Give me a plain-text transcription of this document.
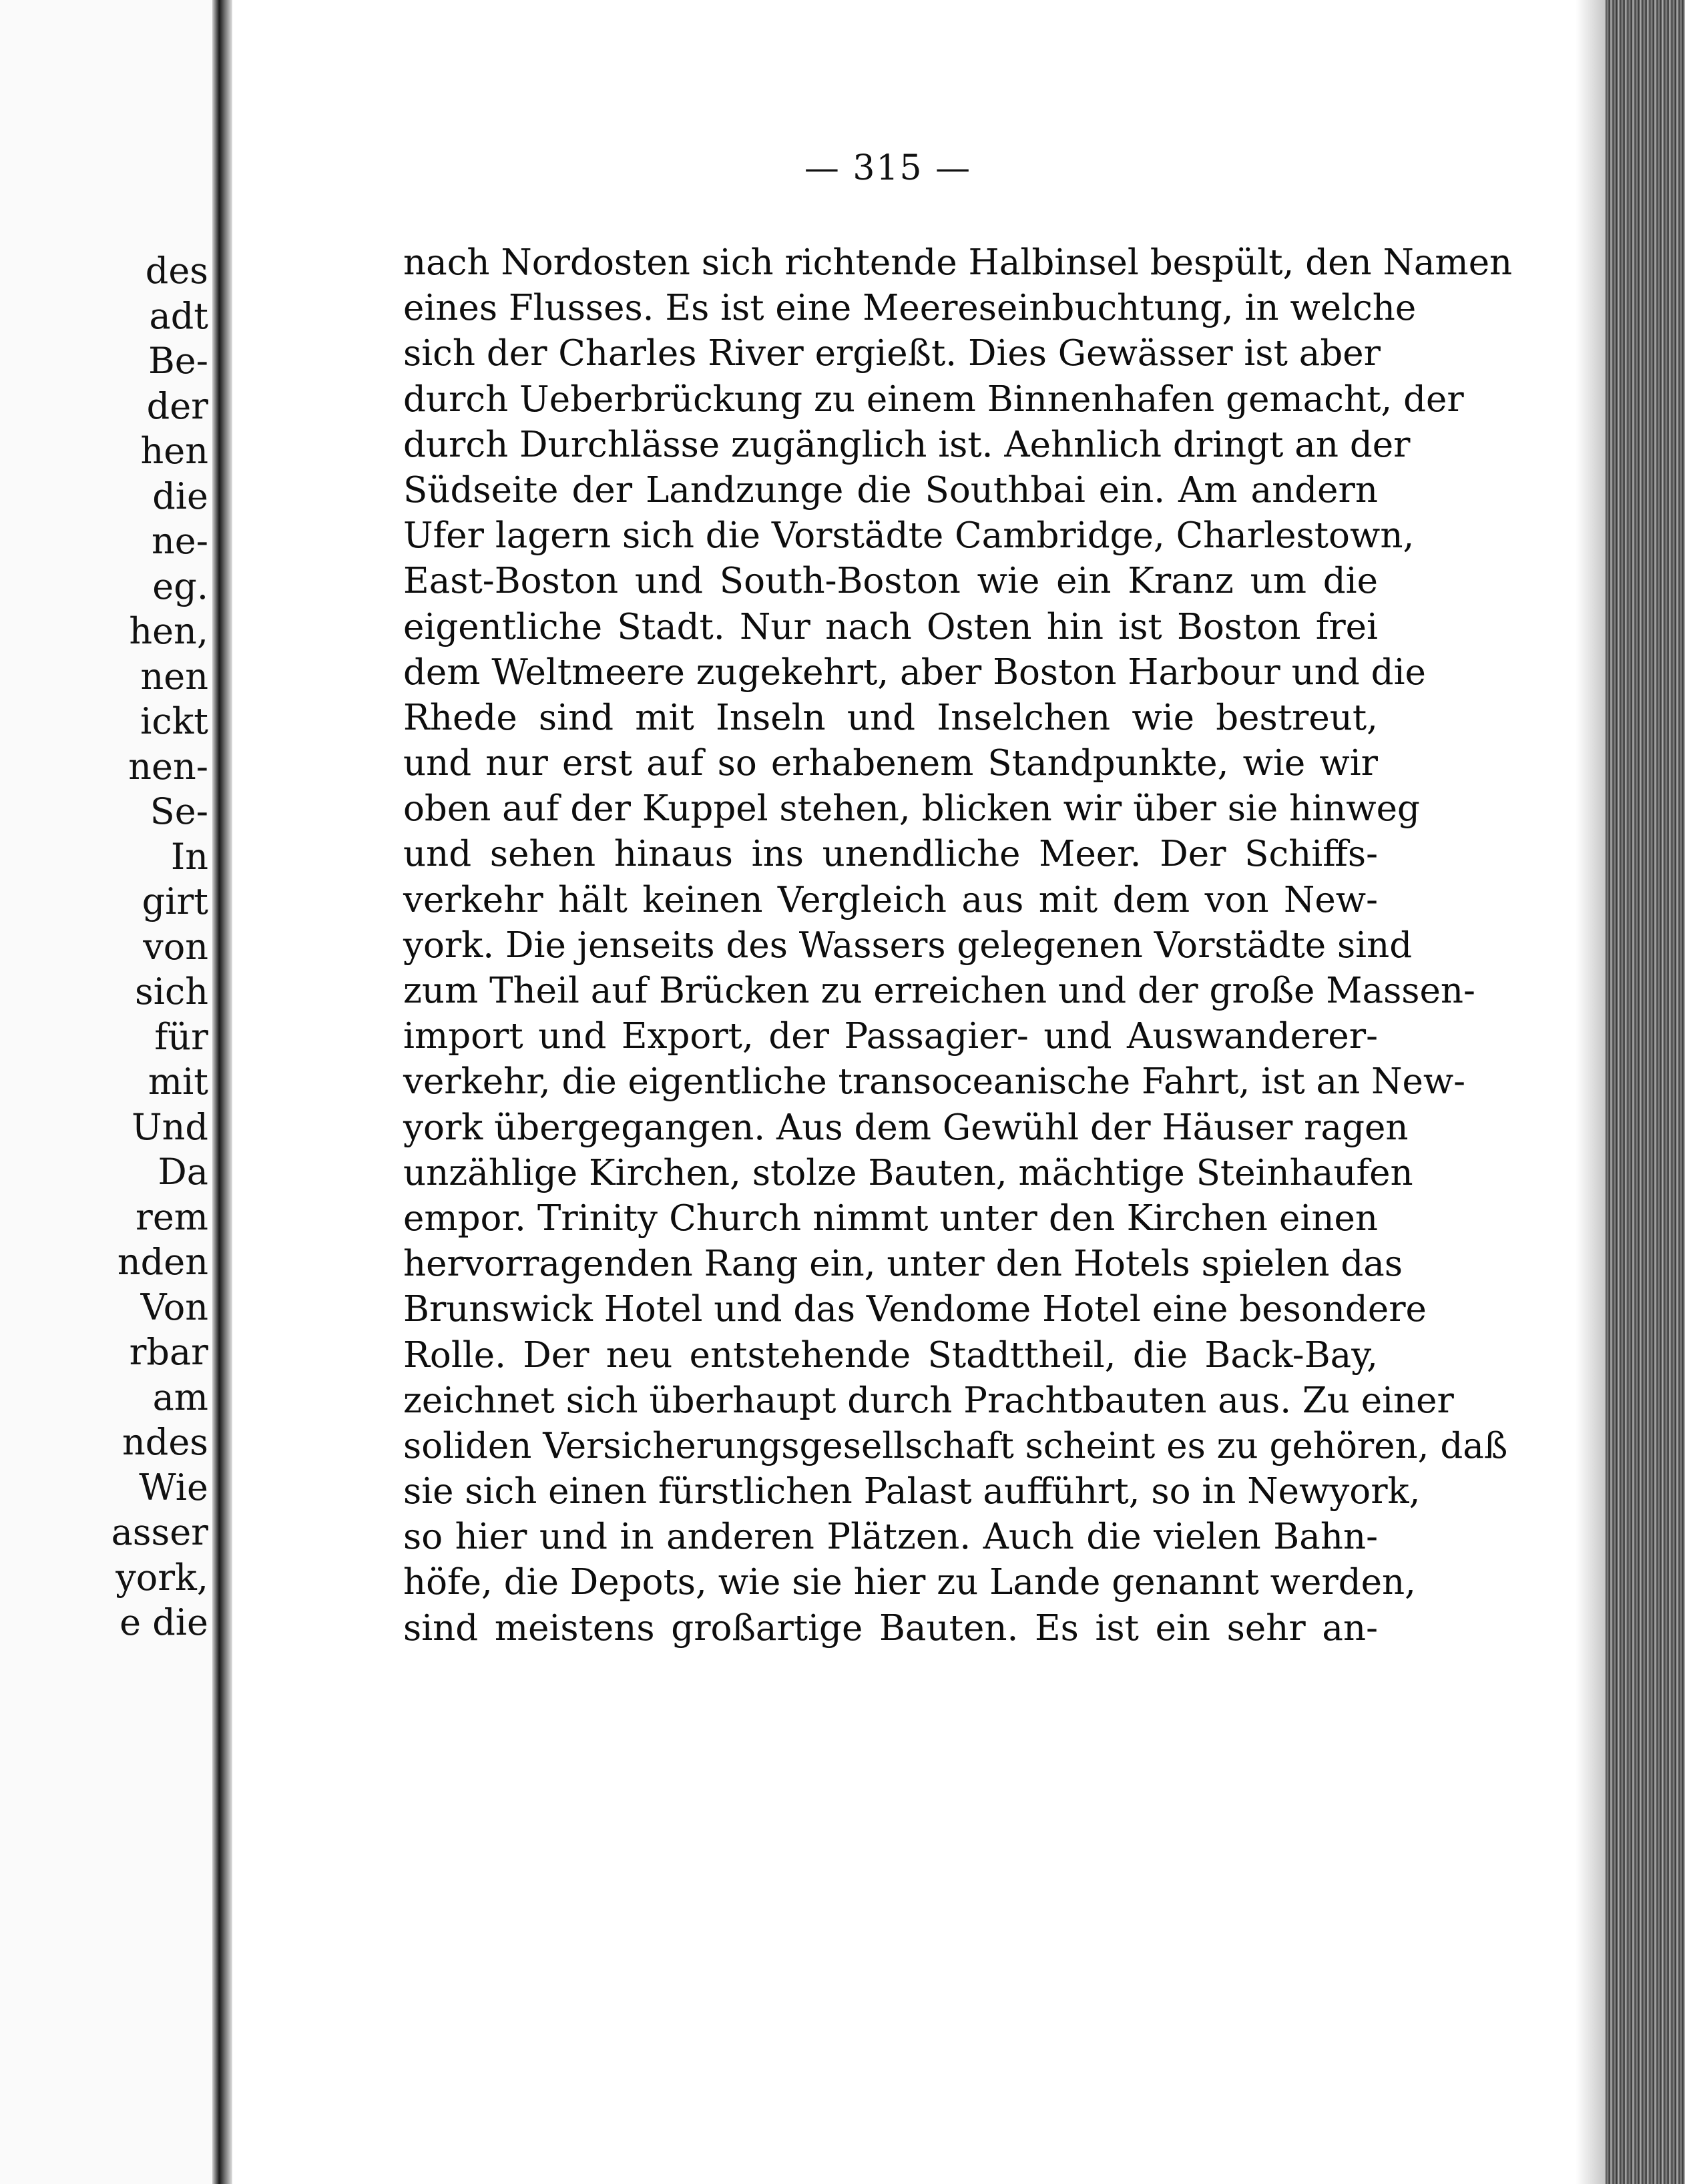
des
adt
Be-
der
hen
die
ne-
eg.
hen,
nen
ickt
nen-
Se-
In
girt
von
sich
für
mit
Und
Da
rem
nden
Von
rbar
am
ndes
Wie
asser
york,
e die
— 315 —
nach Nordosten sich richtende Halbinsel bespült, den Namen
eines Flusses. Es ist eine Meereseinbuchtung, in welche
sich der Charles River ergießt. Dies Gewässer ist aber
durch Ueberbrückung zu einem Binnenhafen gemacht, der
durch Durchlässe zugänglich ist. Aehnlich dringt an der
Südseite der Landzunge die Southbai ein. Am andern
Ufer lagern sich die Vorstädte Cambridge, Charlestown,
East-Boston und South-Boston wie ein Kranz um die
eigentliche Stadt. Nur nach Osten hin ist Boston frei
dem Weltmeere zugekehrt, aber Boston Harbour und die
Rhede sind mit Inseln und Inselchen wie bestreut,
und nur erst auf so erhabenem Standpunkte, wie wir
oben auf der Kuppel stehen, blicken wir über sie hinweg
und sehen hinaus ins unendliche Meer. Der Schiffs-
verkehr hält keinen Vergleich aus mit dem von New-
york. Die jenseits des Wassers gelegenen Vorstädte sind
zum Theil auf Brücken zu erreichen und der große Massen-
import und Export, der Passagier- und Auswanderer-
verkehr, die eigentliche transoceanische Fahrt, ist an New-
york übergegangen. Aus dem Gewühl der Häuser ragen
unzählige Kirchen, stolze Bauten, mächtige Steinhaufen
empor. Trinity Church nimmt unter den Kirchen einen
hervorragenden Rang ein, unter den Hotels spielen das
Brunswick Hotel und das Vendome Hotel eine besondere
Rolle. Der neu entstehende Stadttheil, die Back-Bay,
zeichnet sich überhaupt durch Prachtbauten aus. Zu einer
soliden Versicherungsgesellschaft scheint es zu gehören, daß
sie sich einen fürstlichen Palast aufführt, so in Newyork,
so hier und in anderen Plätzen. Auch die vielen Bahn-
höfe, die Depots, wie sie hier zu Lande genannt werden,
sind meistens großartige Bauten. Es ist ein sehr an-
